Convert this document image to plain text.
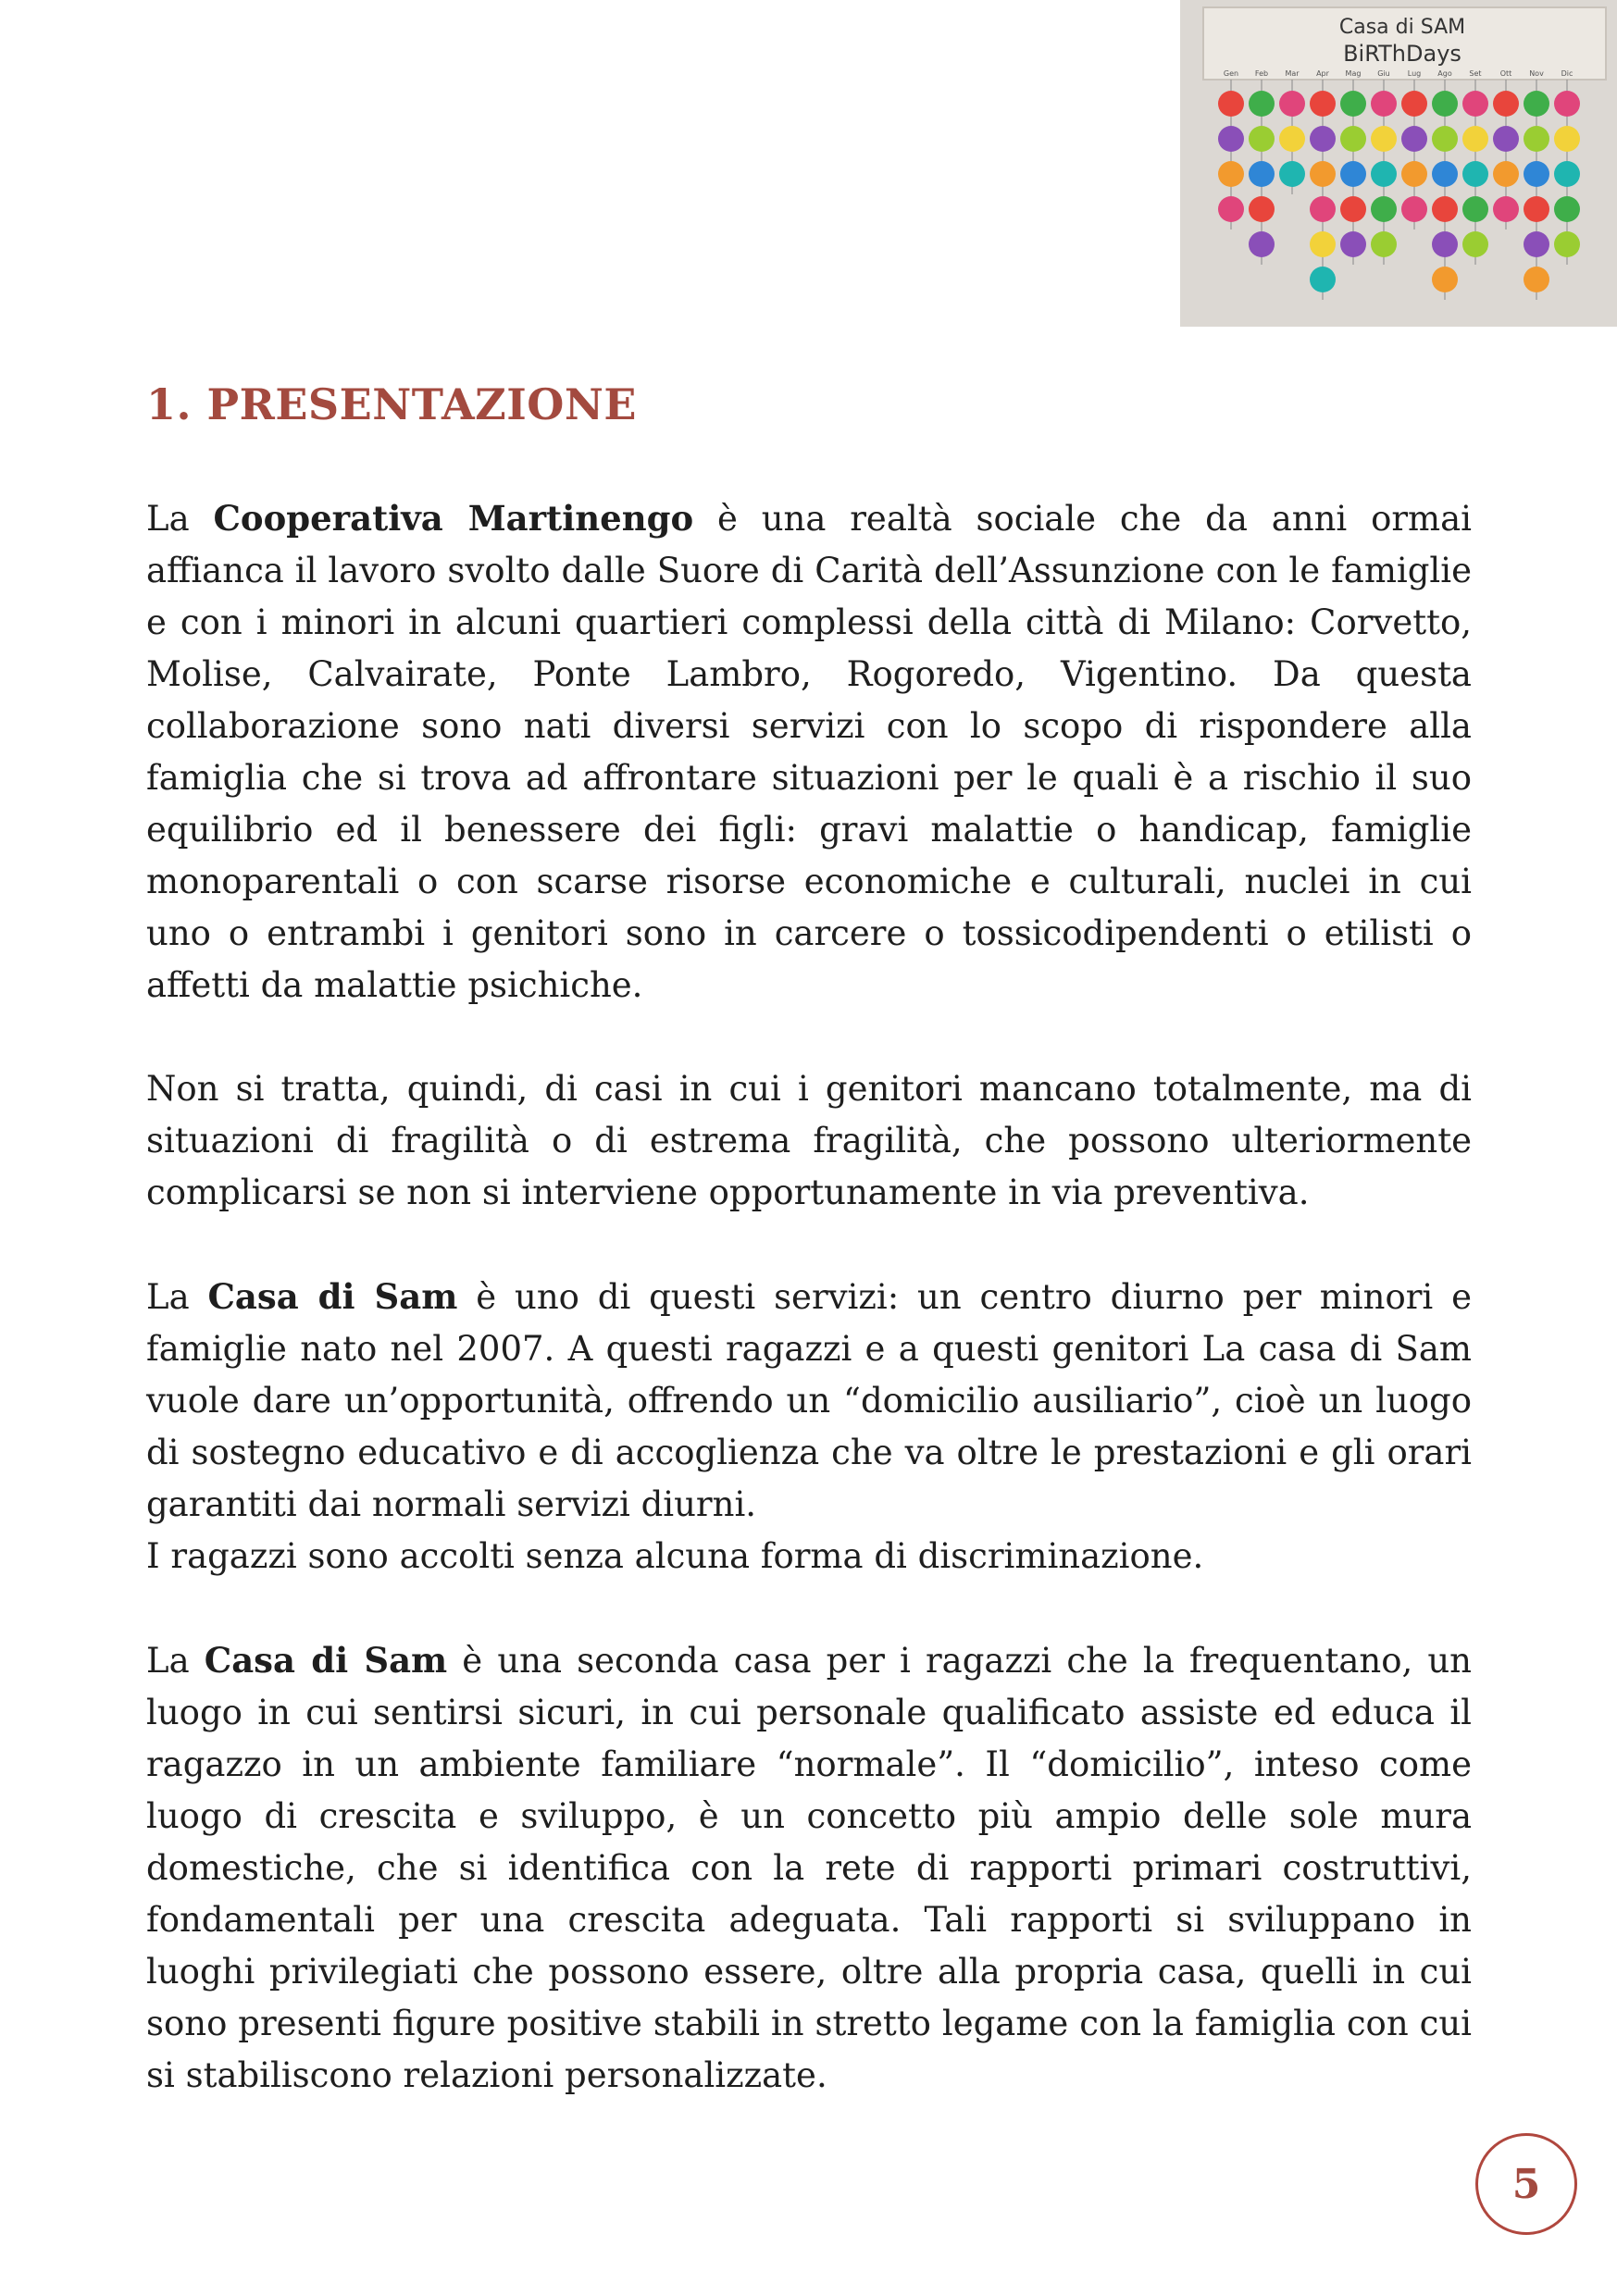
Casa di SAM
BiRThDays
Gen Feb Mar Apr Mag Giu Lug Ago Set	Ott Nov Dic
1. PRESENTAZIONE

La Cooperativa Martinengo è una realtà sociale che da anni ormai affianca il lavoro svolto dalle Suore di Carità dell’Assunzione con le famiglie e con i minori in alcuni quartieri complessi della città di Milano: Corvetto, Molise, Calvairate, Ponte Lambro, Rogoredo, Vigentino. Da questa collaborazione sono nati diversi servizi con lo scopo di rispondere alla famiglia che si trova ad affrontare situazioni per le quali è a rischio il suo equilibrio ed il benessere dei figli: gravi malattie o handicap, famiglie monoparentali o con scarse risorse economiche e culturali, nuclei in cui uno o entrambi i genitori sono in carcere o tossicodipendenti o etilisti o affetti da malattie psichiche.

Non si tratta, quindi, di casi in cui i genitori mancano totalmente, ma di situazioni di fragilità o di estrema fragilità, che possono ulteriormente complicarsi se non si interviene opportunamente in via preventiva.

La Casa di Sam è uno di questi servizi: un centro diurno per minori e famiglie nato nel 2007. A questi ragazzi e a questi genitori La casa di Sam vuole dare un’opportunità, offrendo un “domicilio ausiliario”, cioè un luogo di sostegno educativo e di accoglienza che va oltre le prestazioni e gli orari garantiti dai normali servizi diurni.

I ragazzi sono accolti senza alcuna forma di discriminazione.

La Casa di Sam è una seconda casa per i ragazzi che la frequentano, un luogo in cui sentirsi sicuri, in cui personale qualificato assiste ed educa il ragazzo in un ambiente familiare “normale”. Il “domicilio”, inteso come luogo di crescita e sviluppo, è un concetto più ampio delle sole mura domestiche, che si identifica con la rete di rapporti primari costruttivi, fondamentali per una crescita adeguata. Tali rapporti si sviluppano in luoghi privilegiati che possono essere, oltre alla propria casa, quelli in cui sono presenti figure positive stabili in stretto legame con la famiglia con cui si stabiliscono relazioni personalizzate.

5
